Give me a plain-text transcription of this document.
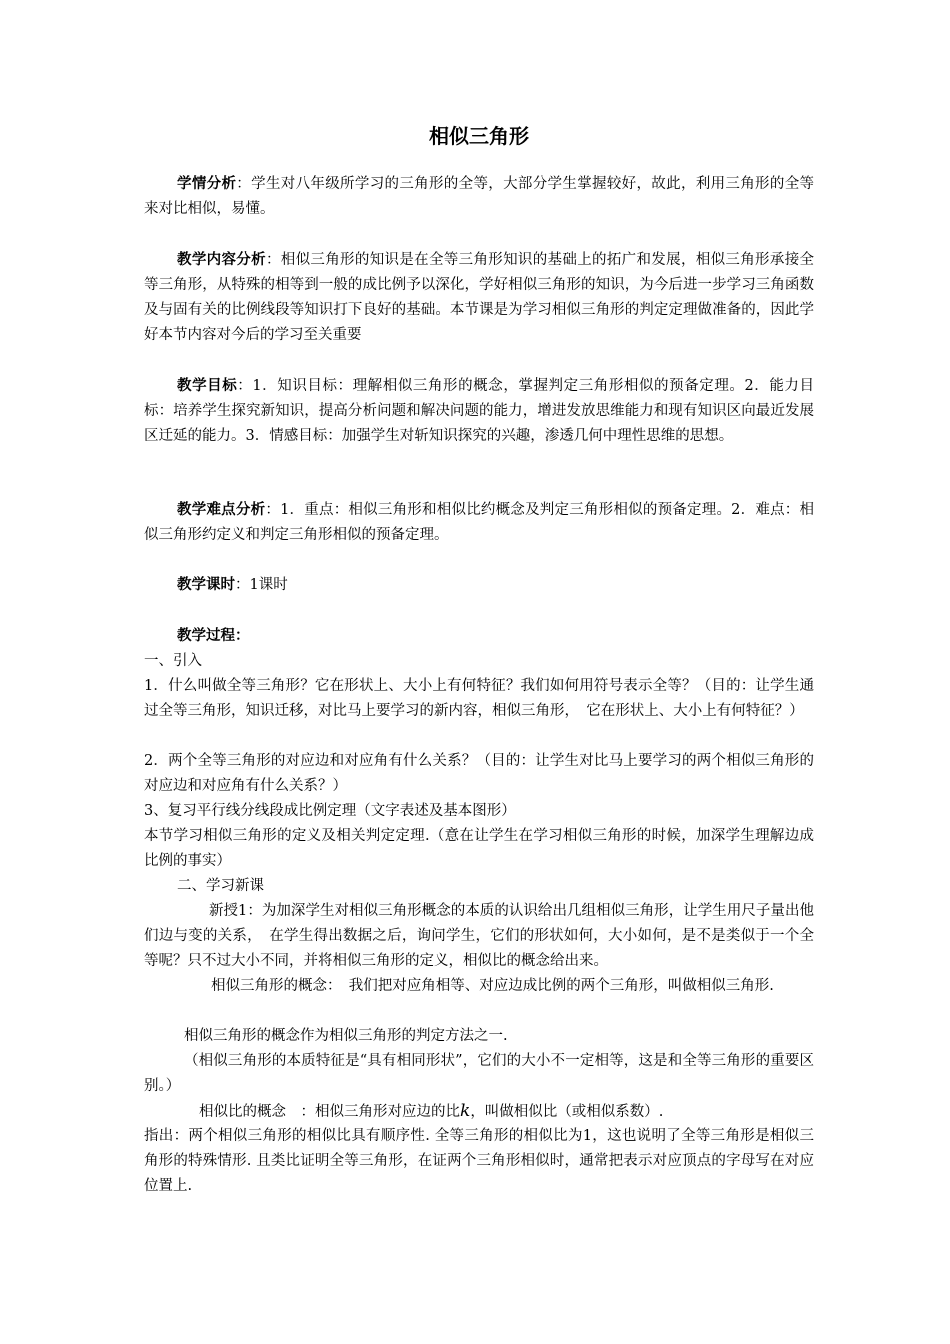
相似三角形

学情分析：学生对八年级所学习的三角形的全等，大部分学生掌握较好，故此，利用三角形的全等来对比相似，易懂。

教学内容分析：相似三角形的知识是在全等三角形知识的基础上的拓广和发展，相似三角形承接全等三角形，从特殊的相等到一般的成比例予以深化，学好相似三角形的知识，为今后进一步学习三角函数及与固有关的比例线段等知识打下良好的基础。本节课是为学习相似三角形的判定定理做准备的，因此学好本节内容对今后的学习至关重要

教学目标：1．知识目标：理解相似三角形的概念，掌握判定三角形相似的预备定理。2．能力目标：培养学生探究新知识，提高分析问题和解决问题的能力，增进发放思维能力和现有知识区向最近发展区迁延的能力。3．情感目标：加强学生对斩知识探究的兴趣，渗透几何中理性思维的思想。

教学难点分析：1．重点：相似三角形和相似比约概念及判定三角形相似的预备定理。2．难点：相似三角形约定义和判定三角形相似的预备定理。

教学课时：1课时

教学过程：

一、引入

1．什么叫做全等三角形？它在形状上、大小上有何特征？我们如何用符号表示全等？（目的：让学生通过全等三角形，知识迁移，对比马上要学习的新内容，相似三角形，　它在形状上、大小上有何特征？）

2．两个全等三角形的对应边和对应角有什么关系？（目的：让学生对比马上要学习的两个相似三角形的对应边和对应角有什么关系？）

3、复习平行线分线段成比例定理（文字表述及基本图形）

本节学习相似三角形的定义及相关判定定理.（意在让学生在学习相似三角形的时候，加深学生理解边成比例的事实）

二、学习新课

新授1：为加深学生对相似三角形概念的本质的认识给出几组相似三角形，让学生用尺子量出他们边与变的关系，　在学生得出数据之后，询问学生，它们的形状如何，大小如何，是不是类似于一个全等呢？只不过大小不同，并将相似三角形的定义，相似比的概念给出来。

相似三角形的概念：　我们把对应角相等、对应边成比例的两个三角形，叫做相似三角形.

相似三角形的概念作为相似三角形的判定方法之一.

（相似三角形的本质特征是“具有相同形状”，它们的大小不一定相等，这是和全等三角形的重要区别。）

相似比的概念　：相似三角形对应边的比k，叫做相似比（或相似系数）.

指出：两个相似三角形的相似比具有顺序性. 全等三角形的相似比为1，这也说明了全等三角形是相似三角形的特殊情形. 且类比证明全等三角形，在证两个三角形相似时，通常把表示对应顶点的字母写在对应位置上.
